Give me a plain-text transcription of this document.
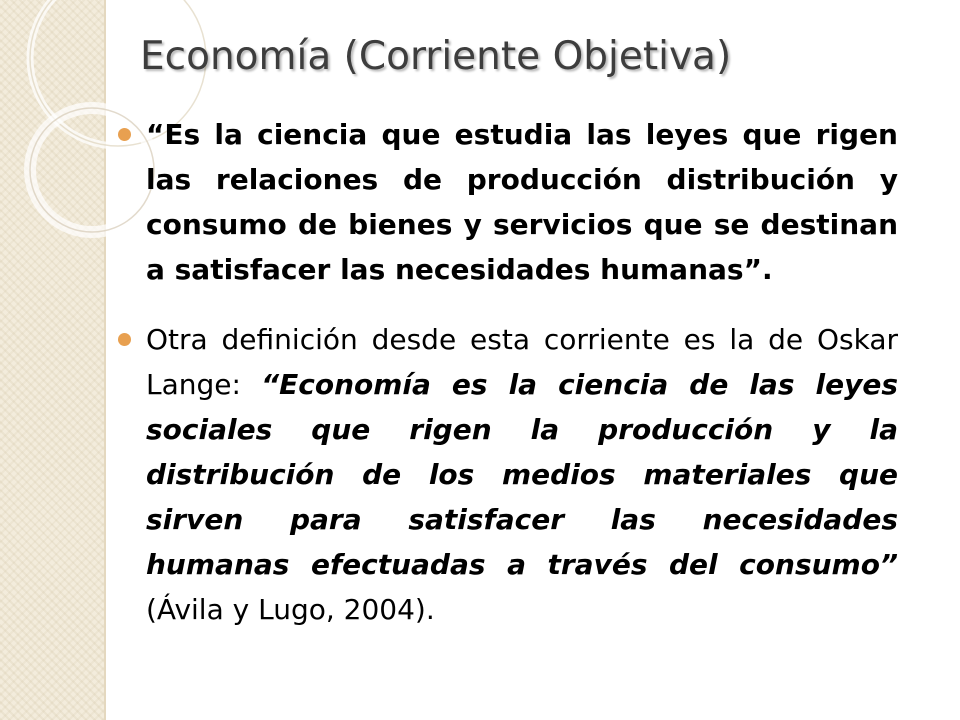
Economía (Corriente Objetiva)
“Es la ciencia que estudia las leyes que rigen las relaciones de producción distribución y consumo de bienes y servicios que se destinan a satisfacer las necesidades humanas”.
Otra definición desde esta corriente es la de Oskar Lange: “Economía es la ciencia de las leyes sociales que rigen la producción y la distribución de los medios materiales que sirven para satisfacer las necesidades humanas efectuadas a través del consumo” (Ávila y Lugo, 2004).
